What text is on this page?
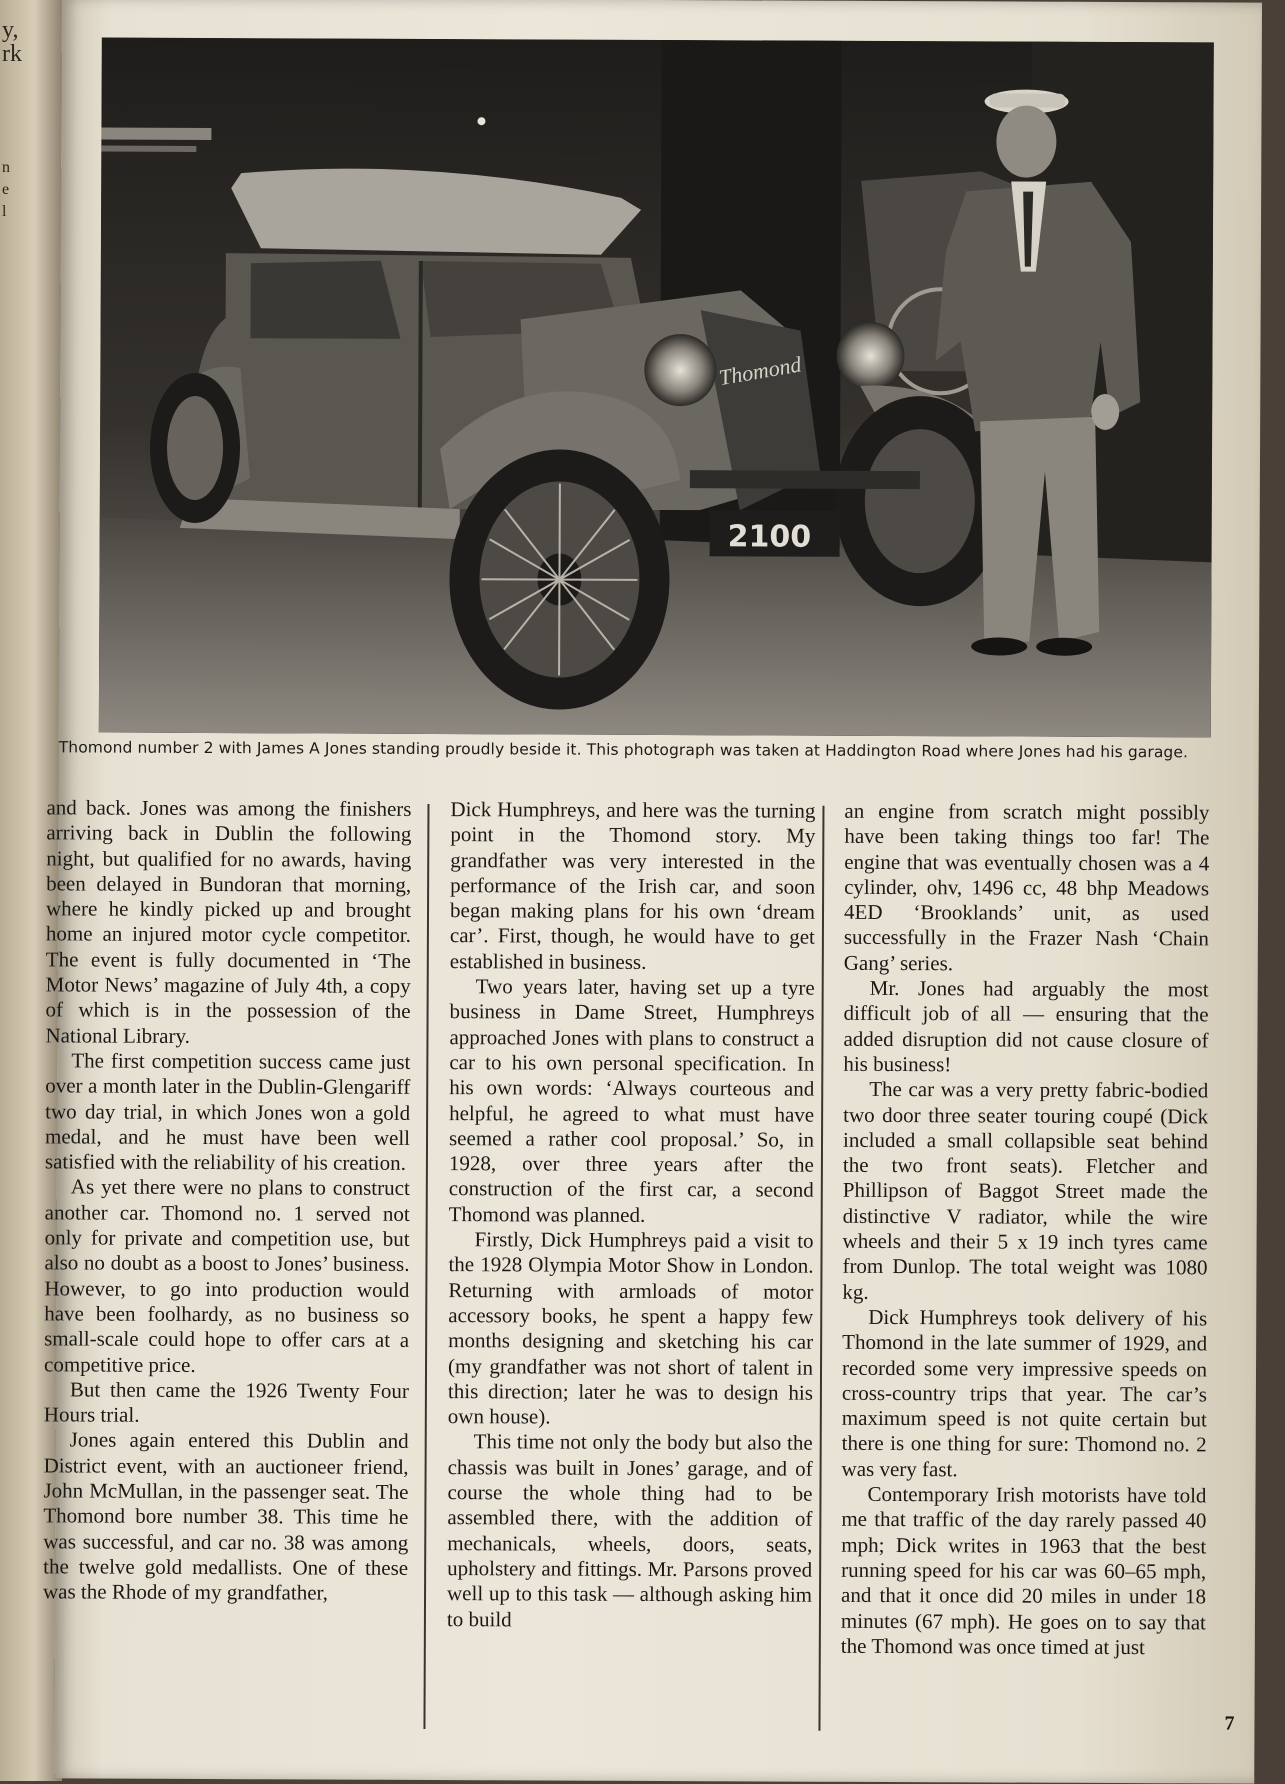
y,
rk
n
e
l
Thomond
2100
Thomond number 2 with James A Jones standing proudly beside it. This photograph was taken at Haddington Road where Jones had his garage.

and back. Jones was among the finishers arriving back in Dublin the following night, but qualified for no awards, having been delayed in Bundoran that morning, where he kindly picked up and brought home an injured motor cycle competitor. The event is fully documented in ‘The Motor News’ magazine of July 4th, a copy of which is in the possession of the National Library.

The first competition success came just over a month later in the Dublin-Glengariff two day trial, in which Jones won a gold medal, and he must have been well satisfied with the reliability of his creation.

As yet there were no plans to construct another car. Thomond no. 1 served not only for private and competition use, but also no doubt as a boost to Jones’ business. However, to go into production would have been foolhardy, as no business so small-scale could hope to offer cars at a competitive price.

But then came the 1926 Twenty Four Hours trial.

Jones again entered this Dublin and District event, with an auctioneer friend, John McMullan, in the passenger seat. The Thomond bore number 38. This time he was successful, and car no. 38 was among the twelve gold medallists. One of these was the Rhode of my grandfather,

Dick Humphreys, and here was the turning point in the Thomond story. My grandfather was very interested in the performance of the Irish car, and soon began making plans for his own ‘dream car’. First, though, he would have to get established in business.

Two years later, having set up a tyre business in Dame Street, Humphreys approached Jones with plans to construct a car to his own personal specification. In his own words: ‘Always courteous and helpful, he agreed to what must have seemed a rather cool proposal.’ So, in 1928, over three years after the construction of the first car, a second Thomond was planned.

Firstly, Dick Humphreys paid a visit to the 1928 Olympia Motor Show in London. Returning with armloads of motor accessory books, he spent a happy few months designing and sketching his car (my grandfather was not short of talent in this direction; later he was to design his own house).

This time not only the body but also the chassis was built in Jones’ garage, and of course the whole thing had to be assembled there, with the addition of mechanicals, wheels, doors, seats, upholstery and fittings. Mr. Parsons proved well up to this task — although asking him to build

an engine from scratch might possibly have been taking things too far! The engine that was eventually chosen was a 4 cylinder, ohv, 1496 cc, 48 bhp Meadows 4ED ‘Brooklands’ unit, as used successfully in the Frazer Nash ‘Chain Gang’ series.

Mr. Jones had arguably the most difficult job of all — ensuring that the added disruption did not cause closure of his business!

The car was a very pretty fabric-bodied two door three seater touring coupé (Dick included a small collapsible seat behind the two front seats). Fletcher and Phillipson of Baggot Street made the distinctive V radiator, while the wire wheels and their 5 x 19 inch tyres came from Dunlop. The total weight was 1080 kg.

Dick Humphreys took delivery of his Thomond in the late summer of 1929, and recorded some very impressive speeds on cross-country trips that year. The car’s maximum speed is not quite certain but there is one thing for sure: Thomond no. 2 was very fast.

Contemporary Irish motorists have told me that traffic of the day rarely passed 40 mph; Dick writes in 1963 that the best running speed for his car was 60–65 mph, and that it once did 20 miles in under 18 minutes (67 mph). He goes on to say that the Thomond was once timed at just

7
